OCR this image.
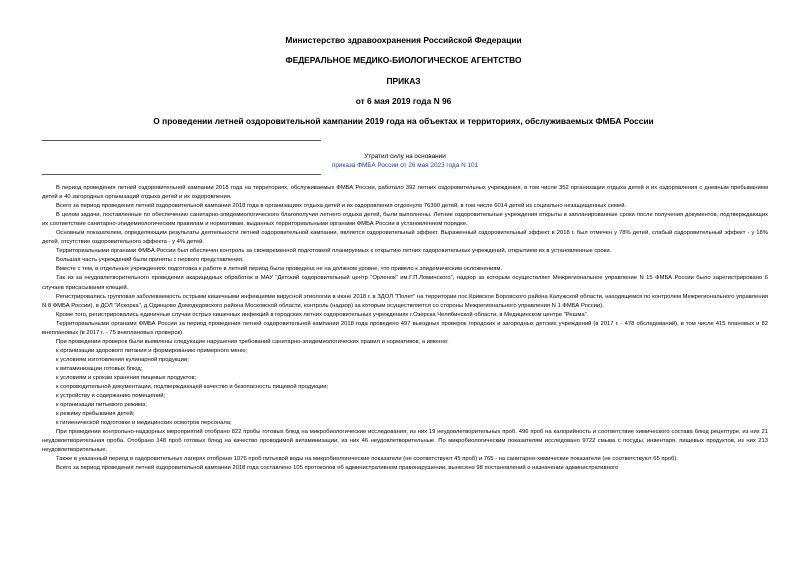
Министерство здравоохранения Российской Федерации
ФЕДЕРАЛЬНОЕ МЕДИКО-БИОЛОГИЧЕСКОЕ АГЕНТСТВО
ПРИКАЗ
от 6 мая 2019 года N 96
О проведении летней оздоровительной кампании 2019 года на объектах и территориях, обслуживаемых ФМБА России
Утратил силу на основании
приказа ФМБА России от 26 мая 2023 года N 101

В период проведения летней оздоровительной кампании 2018 года на территориях, обслуживаемых ФМБА России, работало 392 летних оздоровительных учреждения, в том числе 352 организации отдыха детей и их оздоровления с дневным пребыванием детей и 40 загородных организаций отдыха детей и их оздоровления.

Всего за период проведения летней оздоровительной кампании 2018 года в организациях отдыха детей и их оздоровления отдохнуло 76390 детей, в том числе 6014 детей из социально незащищенных семей.

В целом задачи, поставленные по обеспечению санитарно-эпидемиологического благополучия летнего отдыха детей, были выполнены. Летние оздоровительные учреждения открыты в запланированные сроки после получения документов, подтверждающих их соответствие санитарно-эпидемиологическим правилам и нормативам, выданных территориальными органами ФМБА России в установленном порядке.

Основным показателем, определяющим результаты деятельности летней оздоровительной кампании, является оздоровительный эффект. Выраженный оздоровительный эффект в 2018 г. был отмечен у 78% детей, слабый оздоровительный эффект - у 18% детей, отсутствие оздоровительного эффекта - у 4% детей.

Территориальными органами ФМБА России был обеспечен контроль за своевременной подготовкой планируемых к открытию летних оздоровительных учреждений, открытием их в установленные сроки.

Большая часть учреждений были приняты с первого представления.

Вместе с тем, в отдельных учреждениях подготовка к работе в летний период была проведена не на должном уровне, что привело к эпидемическим осложнениям.

Так из за неудовлетворительного проведения акарицидных обработок в МАУ "Детский оздоровительный центр "Орленок" им.Г.П.Ломинского", надзор за которым осуществляет Межрегиональное управление N 15 ФМБА России было зарегистрировано 6 случаев присасывания клещей.

Регистрировались групповая заболеваемость острыми кишечными инфекциями вирусной этиологии в июне 2018 г. в ЗДОЛ "Полет" на территории пос.Кривское Боровского района Калужской области, находящемся по контролем Межрегионального управления N 8 ФМБА России), в ДОЛ "Искорка", д.Одинцово Домодедовского района Московской области, контроль (надзор) за которым осуществляется со стороны Межрегионального управления N 1 ФМБА России).

Кроме того, регистрировались единичные случаи острых кишечных инфекций в городских летних оздоровительных учреждениях г.Озерска Челябинской области, в Медицинском центре "Решма".

Территориальными органами ФМБА России за период проведения летней оздоровительной кампании 2018 года проведено 497 выездных проверок городских и загородных детских учреждений (в 2017 г. - 478 обследований), в том числе 415 плановых и 82 внеплановых (в 2017 г. - 75 внеплановых проверок).

При проведении проверок были выявлены следующие нарушения требований санитарно-эпидемиологических правил и нормативов, а именно:

к организации здорового питания и формированию примерного меню;

к условиям изготовления кулинарной продукции;

к витаминизации готовых блюд;

к условиям и срокам хранения пищевых продуктов;

к сопроводительной документации, подтверждающей качество и безопасность пищевой продукции;

к устройству и содержанию помещений;

к организации питьевого режима;

к режиму пребывания детей;

к гигиенической подготовке и медицинских осмотров персонала;

При проведении контрольно-надзорных мероприятий отобрано 822 пробы готовых блюд на микробиологические исследования, из них 19 неудовлетворительных проб. 496 проб на калорийность и соответствие химического состава блюд рецептуре, из них 21 неудовлетворительная проба. Отобрано 148 проб готовых блюд на качество проводимой витаминизации, из них 46 неудовлетворительные. По микробиологическим показателям исследовано 9722 смыва с посуды, инвентаря, пищевых продуктов, из них 213 неудовлетворительные.

Также в указанный период в оздоровительных лагерях отобрано 1076 проб питьевой воды на микробиологические показатели (не соответствуют 45 проб) и 765 - на санитарно-химические показатели (не соответствуют 65 проб).

Всего за период проведения летней оздоровительной кампании 2018 года составлено 105 протоколов об административном правонарушении, вынесено 98 постановлений о назначении административного
